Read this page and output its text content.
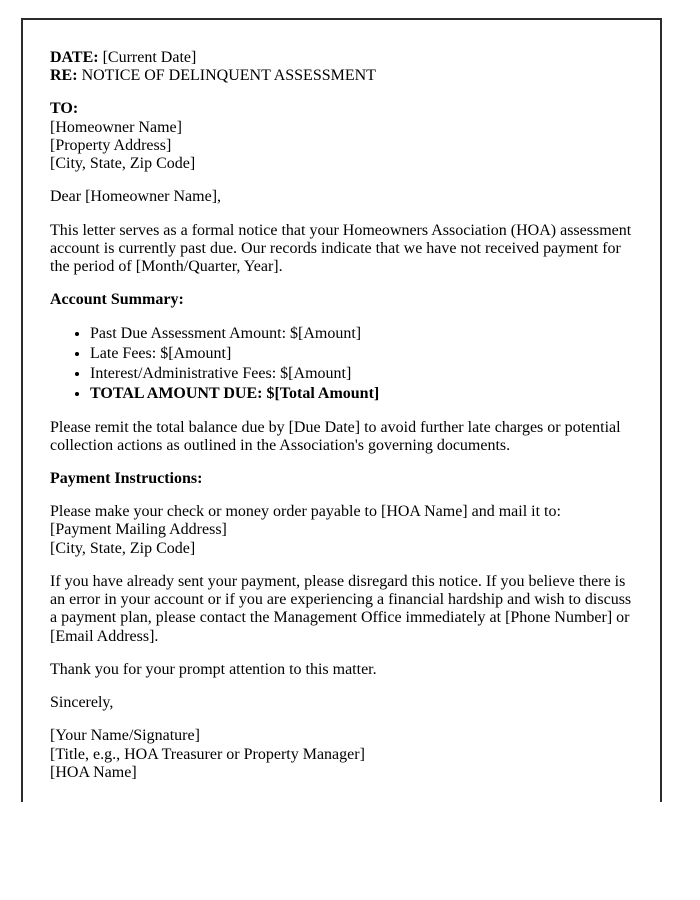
DATE: [Current Date]
RE: NOTICE OF DELINQUENT ASSESSMENT
TO:
[Homeowner Name]
[Property Address]
[City, State, Zip Code]

Dear [Homeowner Name],

This letter serves as a formal notice that your Homeowners Association (HOA) assessment account is currently past due. Our records indicate that we have not received payment for the period of [Month/Quarter, Year].

Account Summary:

• Past Due Assessment Amount: $[Amount]
• Late Fees: $[Amount]
• Interest/Administrative Fees: $[Amount]
• TOTAL AMOUNT DUE: $[Total Amount]

Please remit the total balance due by [Due Date] to avoid further late charges or potential collection actions as outlined in the Association's governing documents.

Payment Instructions:

Please make your check or money order payable to [HOA Name] and mail it to:
[Payment Mailing Address]
[City, State, Zip Code]

If you have already sent your payment, please disregard this notice. If you believe there is an error in your account or if you are experiencing a financial hardship and wish to discuss a payment plan, please contact the Management Office immediately at [Phone Number] or [Email Address].

Thank you for your prompt attention to this matter.

Sincerely,

[Your Name/Signature]
[Title, e.g., HOA Treasurer or Property Manager]
[HOA Name]
